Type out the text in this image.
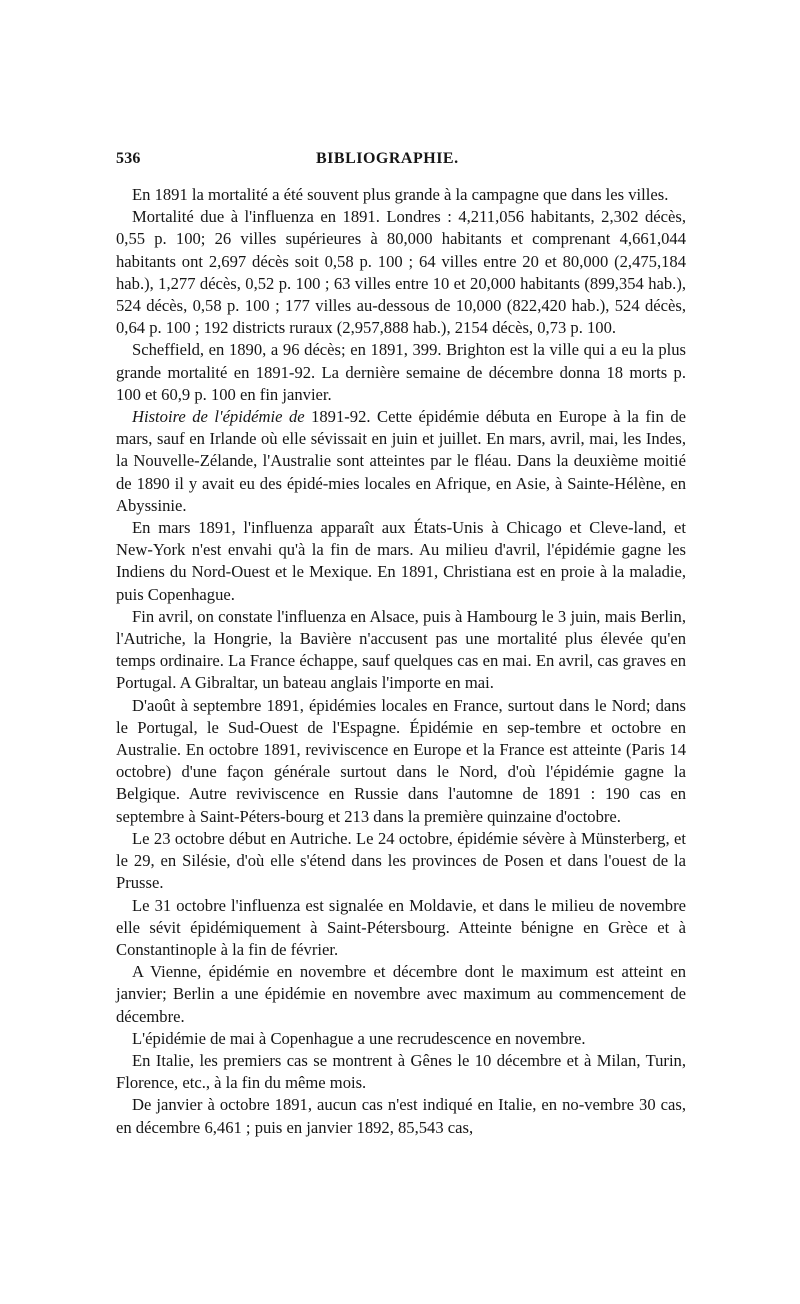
536	BIBLIOGRAPHIE.

En 1891 la mortalité a été souvent plus grande à la campagne que dans les villes.

Mortalité due à l'influenza en 1891. Londres : 4,211,056 habitants, 2,302 décès, 0,55 p. 100; 26 villes supérieures à 80,000 habitants et comprenant 4,661,044 habitants ont 2,697 décès soit 0,58 p. 100 ; 64 villes entre 20 et 80,000 (2,475,184 hab.), 1,277 décès, 0,52 p. 100 ; 63 villes entre 10 et 20,000 habitants (899,354 hab.), 524 décès, 0,58 p. 100 ; 177 villes au-dessous de 10,000 (822,420 hab.), 524 décès, 0,64 p. 100 ; 192 districts ruraux (2,957,888 hab.), 2154 décès, 0,73 p. 100.

Scheffield, en 1890, a 96 décès; en 1891, 399. Brighton est la ville qui a eu la plus grande mortalité en 1891-92. La dernière semaine de décembre donna 18 morts p. 100 et 60,9 p. 100 en fin janvier.

Histoire de l'épidémie de 1891-92. Cette épidémie débuta en Europe à la fin de mars, sauf en Irlande où elle sévissait en juin et juillet. En mars, avril, mai, les Indes, la Nouvelle-Zélande, l'Australie sont atteintes par le fléau. Dans la deuxième moitié de 1890 il y avait eu des épidé-mies locales en Afrique, en Asie, à Sainte-Hélène, en Abyssinie.

En mars 1891, l'influenza apparaît aux États-Unis à Chicago et Cleve-land, et New-York n'est envahi qu'à la fin de mars. Au milieu d'avril, l'épidémie gagne les Indiens du Nord-Ouest et le Mexique. En 1891, Christiana est en proie à la maladie, puis Copenhague.

Fin avril, on constate l'influenza en Alsace, puis à Hambourg le 3 juin, mais Berlin, l'Autriche, la Hongrie, la Bavière n'accusent pas une mortalité plus élevée qu'en temps ordinaire. La France échappe, sauf quelques cas en mai. En avril, cas graves en Portugal. A Gibraltar, un bateau anglais l'importe en mai.

D'août à septembre 1891, épidémies locales en France, surtout dans le Nord; dans le Portugal, le Sud-Ouest de l'Espagne. Épidémie en sep-tembre et octobre en Australie. En octobre 1891, reviviscence en Europe et la France est atteinte (Paris 14 octobre) d'une façon générale surtout dans le Nord, d'où l'épidémie gagne la Belgique. Autre reviviscence en Russie dans l'automne de 1891 : 190 cas en septembre à Saint-Péters-bourg et 213 dans la première quinzaine d'octobre.

Le 23 octobre début en Autriche. Le 24 octobre, épidémie sévère à Münsterberg, et le 29, en Silésie, d'où elle s'étend dans les provinces de Posen et dans l'ouest de la Prusse.

Le 31 octobre l'influenza est signalée en Moldavie, et dans le milieu de novembre elle sévit épidémiquement à Saint-Pétersbourg. Atteinte bénigne en Grèce et à Constantinople à la fin de février.

A Vienne, épidémie en novembre et décembre dont le maximum est atteint en janvier; Berlin a une épidémie en novembre avec maximum au commencement de décembre.

L'épidémie de mai à Copenhague a une recrudescence en novembre.

En Italie, les premiers cas se montrent à Gênes le 10 décembre et à Milan, Turin, Florence, etc., à la fin du même mois.

De janvier à octobre 1891, aucun cas n'est indiqué en Italie, en no-vembre 30 cas, en décembre 6,461 ; puis en janvier 1892, 85,543 cas,
